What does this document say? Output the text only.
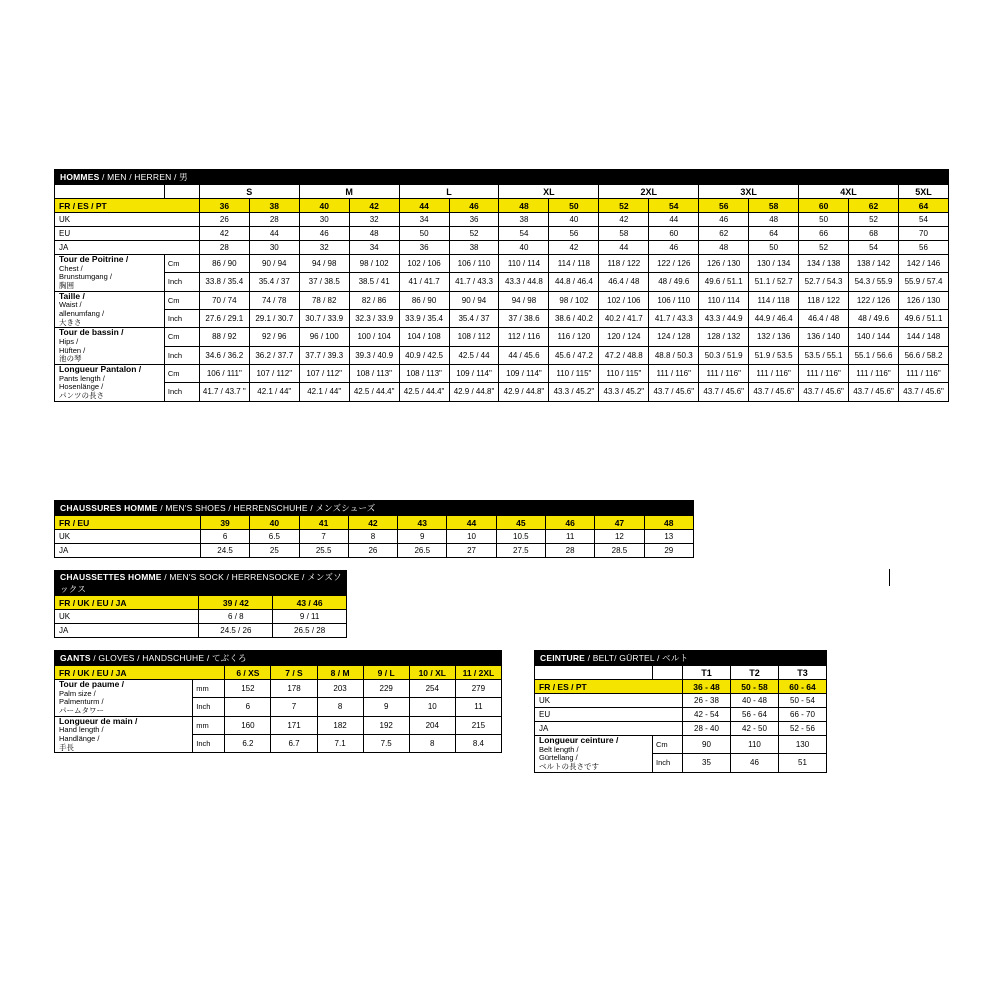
HOMMES / MEN / HERREN / 男																
		S		M		L		XL		2XL		3XL		4XL		5XL
FR / ES / PT		36	38	40	42	44	46	48	50	52	54	56	58	60	62	64
UK		26	28	30	32	34	36	38	40	42	44	46	48	50	52	54
EU		42	44	46	48	50	52	54	56	58	60	62	64	66	68	70
JA		28	30	32	34	36	38	40	42	44	46	48	50	52	54	56

Tour de Poitrine /
Chest /
Brunstumgang /
胸囲	Cm	86 / 90	90 / 94	94 / 98	98 / 102	102 / 106	106 / 110	110 / 114	114 / 118	118 / 122	122 / 126	126 / 130	130 / 134	134 / 138	138 / 142	142 / 146
	Inch	33.8 / 35.4	35.4 / 37	37 / 38.5	38.5 / 41	41 / 41.7	41.7 / 43.3	43.3 / 44.8	44.8 / 46.4	46.4 / 48	48 / 49.6	49.6 / 51.1	51.1 / 52.7	52.7 / 54.3	54.3 / 55.9	55.9 / 57.4

Taille /
Waist /
allenumfang /
大きさ	Cm	70 / 74	74 / 78	78 / 82	82 / 86	86 / 90	90 / 94	94 / 98	98 / 102	102 / 106	106 / 110	110 / 114	114 / 118	118 / 122	122 / 126	126 / 130
	Inch	27.6 / 29.1	29.1 / 30.7	30.7 / 33.9	32.3 / 33.9	33.9 / 35.4	35.4 / 37	37 / 38.6	38.6 / 40.2	40.2 / 41.7	41.7 / 43.3	43.3 / 44.9	44.9 / 46.4	46.4 / 48	48 / 49.6	49.6 / 51.1

Tour de bassin /
Hips /
Hüften /
池の琴	Cm	88 / 92	92 / 96	96 / 100	100 / 104	104 / 108	108 / 112	112 / 116	116 / 120	120 / 124	124 / 128	128 / 132	132 / 136	136 / 140	140 / 144	144 / 148
	Inch	34.6 / 36.2	36.2 / 37.7	37.7 / 39.3	39.3 / 40.9	40.9 / 42.5	42.5 / 44	44 / 45.6	45.6 / 47.2	47.2 / 48.8	48.8 / 50.3	50.3 / 51.9	51.9 / 53.5	53.5 / 55.1	55.1 / 56.6	56.6 / 58.2

Longueur Pantalon /
Pants length /
Hosenlänge /
パンツの長さ	Cm	106 / 111"	107 / 112"	107 / 112"	108 / 113"	108 / 113"	109 / 114"	109 / 114"	110 / 115"	110 / 115"	111 / 116"	111 / 116"	111 / 116"	111 / 116"	111 / 116"	111 / 116"
	Inch	41.7 / 43.7 "	42.1 / 44"	42.1 / 44"	42.5 / 44.4"	42.5 / 44.4"	42.9 / 44.8"	42.9 / 44.8"	43.3 / 45.2"	43.3 / 45.2"	43.7 / 45.6"	43.7 / 45.6"	43.7 / 45.6"	43.7 / 45.6"	43.7 / 45.6"	43.7 / 45.6"
CHAUSSURES HOMME / MEN'S SHOES / HERRENSCHUHE / メンズシューズ										
FR / EU	39	40	41	42	43	44	45	46	47	48
UK	6	6.5	7	8	9	10	10.5	11	12	13
JA	24.5	25	25.5	26	26.5	27	27.5	28	28.5	29
CHAUSSETTES HOMME / MEN'S SOCK / HERRENSOCKE / メンズソックス		
FR / UK / EU / JA	39 / 42	43 / 46
UK	6 / 8	9 / 11
JA	24.5 / 26	26.5 / 28
GANTS / GLOVES / HANDSCHUHE / てぶくろ							
FR / UK / EU / JA		6 / XS	7 / S	8 / M	9 / L	10 / XL	11 / 2XL

Tour de paume /
Palm size /
Palmenturm /
パームタワー	mm	152	178	203	229	254	279
	Inch	6	7	8	9	10	11

Longueur de main /
Hand length /
Handlänge /
手長	mm	160	171	182	192	204	215
	Inch	6.2	6.7	7.1	7.5	8	8.4
CEINTURE / BELT/ GÜRTEL / ベルト				
		T1	T2	T3
FR / ES / PT		36 - 48	50 - 58	60 - 64
UK		26 - 38	40 - 48	50 - 54
EU		42 - 54	56 - 64	66 - 70
JA		28 - 40	42 - 50	52 - 56

Longueur ceinture /
Belt length /
Gürtellang /
ベルトの長さです	Cm	90	110	130
	Inch	35	46	51
